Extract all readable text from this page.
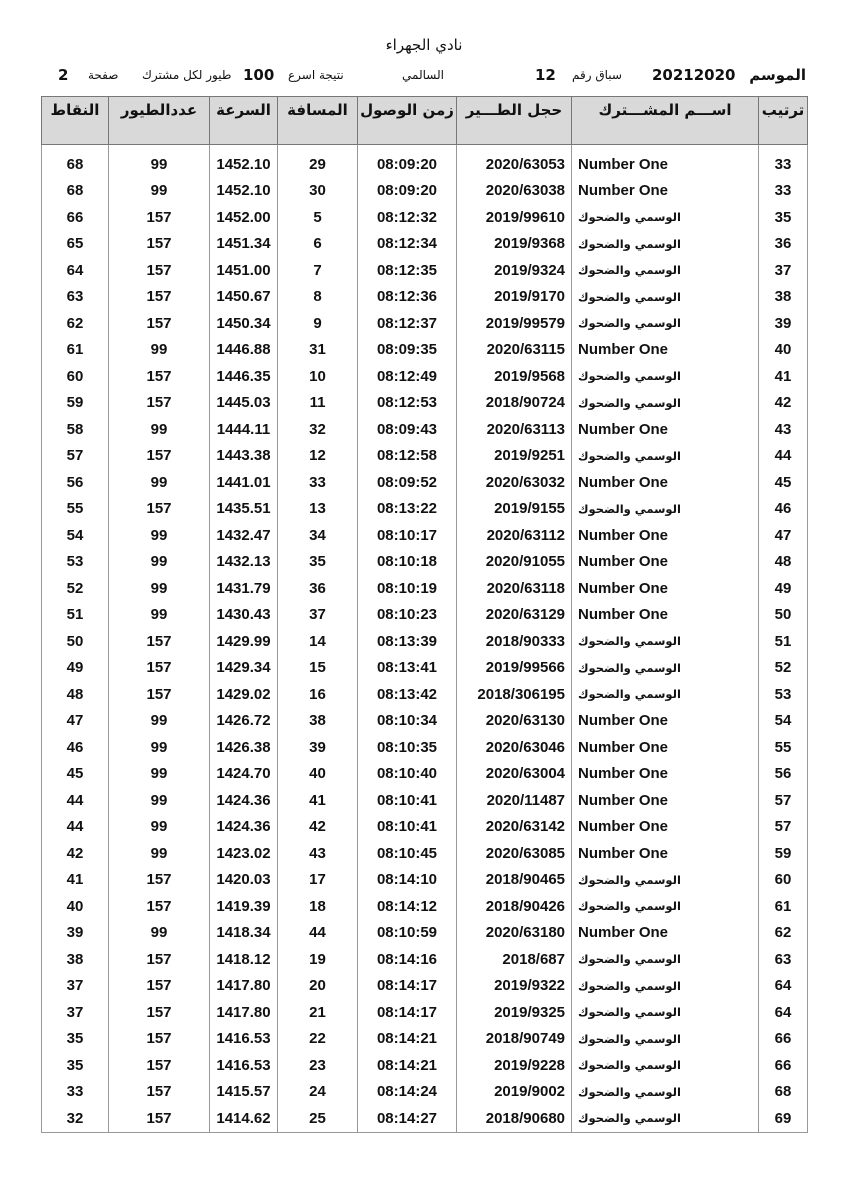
نادي الجهراء
الموسم
20212020
سباق رقم
12
السالمي
نتيجة اسرع
100
طيور لكل مشترك
صفحة
2
ترتيب	اســـم المشـــترك	حجل الطـــير	زمن الوصول	المسافة	السرعة	عددالطيور	النقاط

33	Number One	2020/63053	08:09:20	29	1452.10	99	68
33	Number One	2020/63038	08:09:20	30	1452.10	99	68
35	الوسمي والضحوك	2019/99610	08:12:32	5	1452.00	157	66
36	الوسمي والضحوك	2019/9368	08:12:34	6	1451.34	157	65
37	الوسمي والضحوك	2019/9324	08:12:35	7	1451.00	157	64
38	الوسمي والضحوك	2019/9170	08:12:36	8	1450.67	157	63
39	الوسمي والضحوك	2019/99579	08:12:37	9	1450.34	157	62
40	Number One	2020/63115	08:09:35	31	1446.88	99	61
41	الوسمي والضحوك	2019/9568	08:12:49	10	1446.35	157	60
42	الوسمي والضحوك	2018/90724	08:12:53	11	1445.03	157	59
43	Number One	2020/63113	08:09:43	32	1444.11	99	58
44	الوسمي والضحوك	2019/9251	08:12:58	12	1443.38	157	57
45	Number One	2020/63032	08:09:52	33	1441.01	99	56
46	الوسمي والضحوك	2019/9155	08:13:22	13	1435.51	157	55
47	Number One	2020/63112	08:10:17	34	1432.47	99	54
48	Number One	2020/91055	08:10:18	35	1432.13	99	53
49	Number One	2020/63118	08:10:19	36	1431.79	99	52
50	Number One	2020/63129	08:10:23	37	1430.43	99	51
51	الوسمي والضحوك	2018/90333	08:13:39	14	1429.99	157	50
52	الوسمي والضحوك	2019/99566	08:13:41	15	1429.34	157	49
53	الوسمي والضحوك	2018/306195	08:13:42	16	1429.02	157	48
54	Number One	2020/63130	08:10:34	38	1426.72	99	47
55	Number One	2020/63046	08:10:35	39	1426.38	99	46
56	Number One	2020/63004	08:10:40	40	1424.70	99	45
57	Number One	2020/11487	08:10:41	41	1424.36	99	44
57	Number One	2020/63142	08:10:41	42	1424.36	99	44
59	Number One	2020/63085	08:10:45	43	1423.02	99	42
60	الوسمي والضحوك	2018/90465	08:14:10	17	1420.03	157	41
61	الوسمي والضحوك	2018/90426	08:14:12	18	1419.39	157	40
62	Number One	2020/63180	08:10:59	44	1418.34	99	39
63	الوسمي والضحوك	2018/687	08:14:16	19	1418.12	157	38
64	الوسمي والضحوك	2019/9322	08:14:17	20	1417.80	157	37
64	الوسمي والضحوك	2019/9325	08:14:17	21	1417.80	157	37
66	الوسمي والضحوك	2018/90749	08:14:21	22	1416.53	157	35
66	الوسمي والضحوك	2019/9228	08:14:21	23	1416.53	157	35
68	الوسمي والضحوك	2019/9002	08:14:24	24	1415.57	157	33
69	الوسمي والضحوك	2018/90680	08:14:27	25	1414.62	157	32
